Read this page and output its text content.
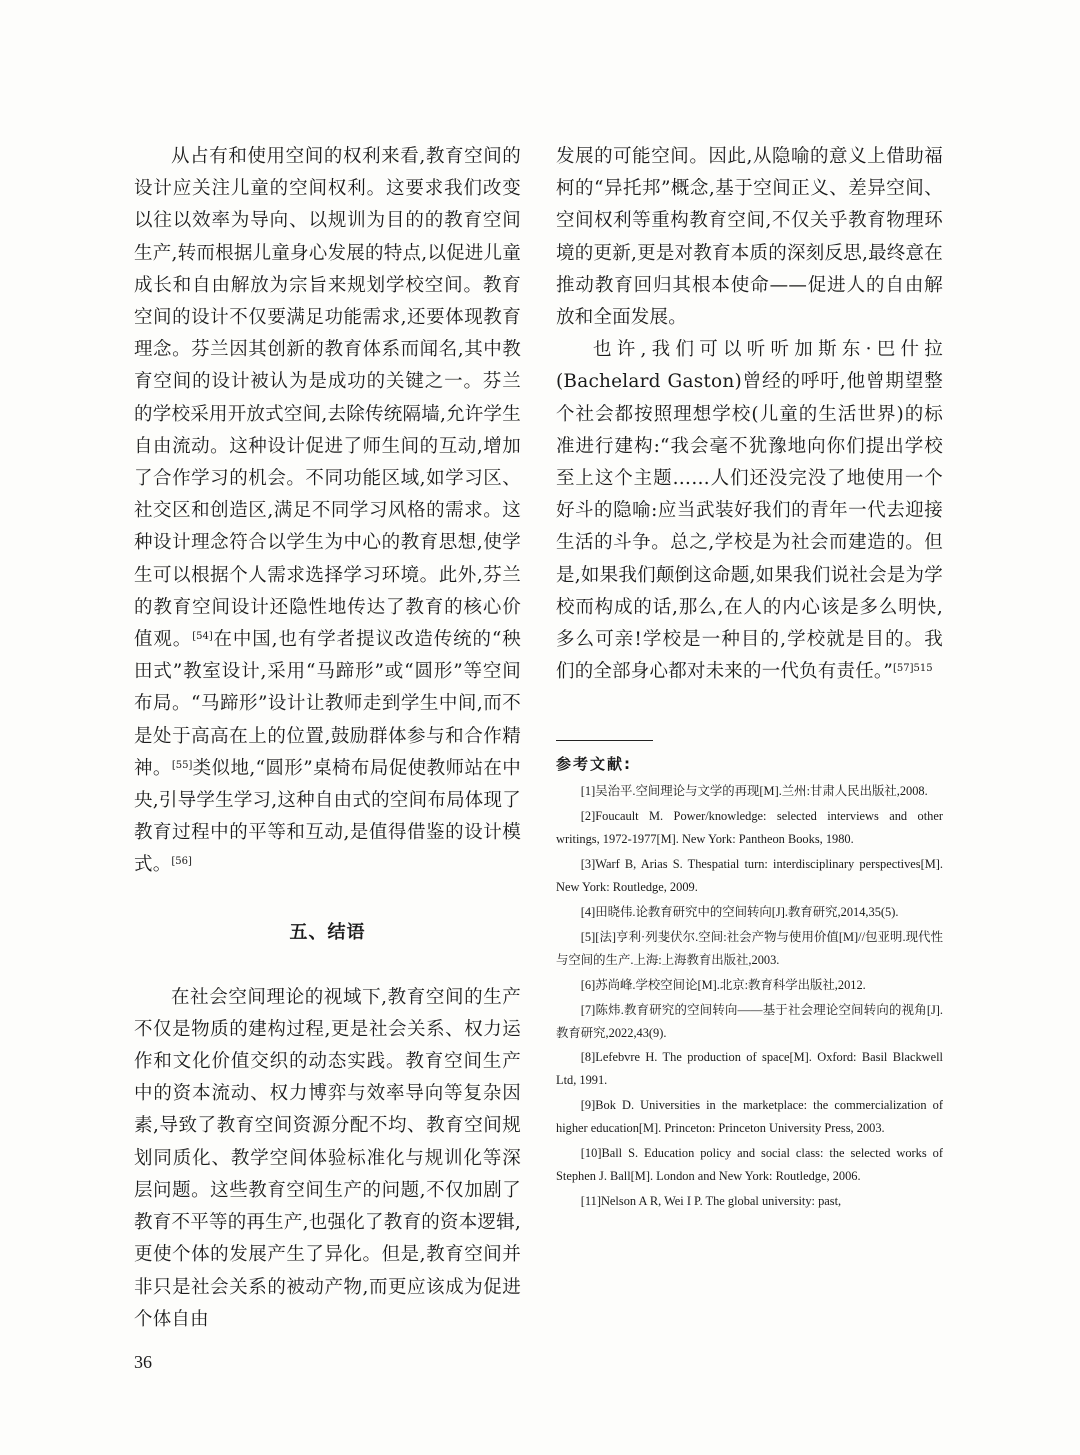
从占有和使用空间的权利来看,教育空间的设计应关注儿童的空间权利。这要求我们改变以往以效率为导向、以规训为目的的教育空间生产,转而根据儿童身心发展的特点,以促进儿童成长和自由解放为宗旨来规划学校空间。教育空间的设计不仅要满足功能需求,还要体现教育理念。芬兰因其创新的教育体系而闻名,其中教育空间的设计被认为是成功的关键之一。芬兰的学校采用开放式空间,去除传统隔墙,允许学生自由流动。这种设计促进了师生间的互动,增加了合作学习的机会。不同功能区域,如学习区、社交区和创造区,满足不同学习风格的需求。这种设计理念符合以学生为中心的教育思想,使学生可以根据个人需求选择学习环境。此外,芬兰的教育空间设计还隐性地传达了教育的核心价值观。[54]在中国,也有学者提议改造传统的“秧田式”教室设计,采用“马蹄形”或“圆形”等空间布局。“马蹄形”设计让教师走到学生中间,而不是处于高高在上的位置,鼓励群体参与和合作精神。[55]类似地,“圆形”桌椅布局促使教师站在中央,引导学生学习,这种自由式的空间布局体现了教育过程中的平等和互动,是值得借鉴的设计模式。[56]

五、结语

在社会空间理论的视域下,教育空间的生产不仅是物质的建构过程,更是社会关系、权力运作和文化价值交织的动态实践。教育空间生产中的资本流动、权力博弈与效率导向等复杂因素,导致了教育空间资源分配不均、教育空间规划同质化、教学空间体验标准化与规训化等深层问题。这些教育空间生产的问题,不仅加剧了教育不平等的再生产,也强化了教育的资本逻辑,更使个体的发展产生了异化。但是,教育空间并非只是社会关系的被动产物,而更应该成为促进个体自由

发展的可能空间。因此,从隐喻的意义上借助福柯的“异托邦”概念,基于空间正义、差异空间、空间权利等重构教育空间,不仅关乎教育物理环境的更新,更是对教育本质的深刻反思,最终意在推动教育回归其根本使命——促进人的自由解放和全面发展。

也许,我们可以听听加斯东·巴什拉(Bachelard Gaston)曾经的呼吁,他曾期望整个社会都按照理想学校(儿童的生活世界)的标准进行建构:“我会毫不犹豫地向你们提出学校至上这个主题……人们还没完没了地使用一个好斗的隐喻:应当武装好我们的青年一代去迎接生活的斗争。总之,学校是为社会而建造的。但是,如果我们颠倒这命题,如果我们说社会是为学校而构成的话,那么,在人的内心该是多么明快,多么可亲!学校是一种目的,学校就是目的。我们的全部身心都对未来的一代负有责任。”$^{[57]515}$

参考文献:

[1]吴治平.空间理论与文学的再现[M].兰州:甘肃人民出版社,2008.

[2]Foucault M. Power/knowledge: selected interviews and other writings, 1972-1977[M]. New York: Pantheon Books, 1980.

[3]Warf B, Arias S. Thespatial turn: interdisciplinary perspectives[M]. New York: Routledge, 2009.

[4]田晓伟.论教育研究中的空间转向[J].教育研究,2014,35(5).

[5][法]亨利·列斐伏尔.空间:社会产物与使用价值[M]//包亚明.现代性与空间的生产.上海:上海教育出版社,2003.

[6]苏尚峰.学校空间论[M].北京:教育科学出版社,2012.

[7]陈炜.教育研究的空间转向——基于社会理论空间转向的视角[J].教育研究,2022,43(9).

[8]Lefebvre H. The production of space[M]. Oxford: Basil Blackwell Ltd, 1991.

[9]Bok D. Universities in the marketplace: the commercialization of higher education[M]. Princeton: Princeton University Press, 2003.

[10]Ball S. Education policy and social class: the selected works of Stephen J. Ball[M]. London and New York: Routledge, 2006.

[11]Nelson A R, Wei I P. The global university: past,

36
